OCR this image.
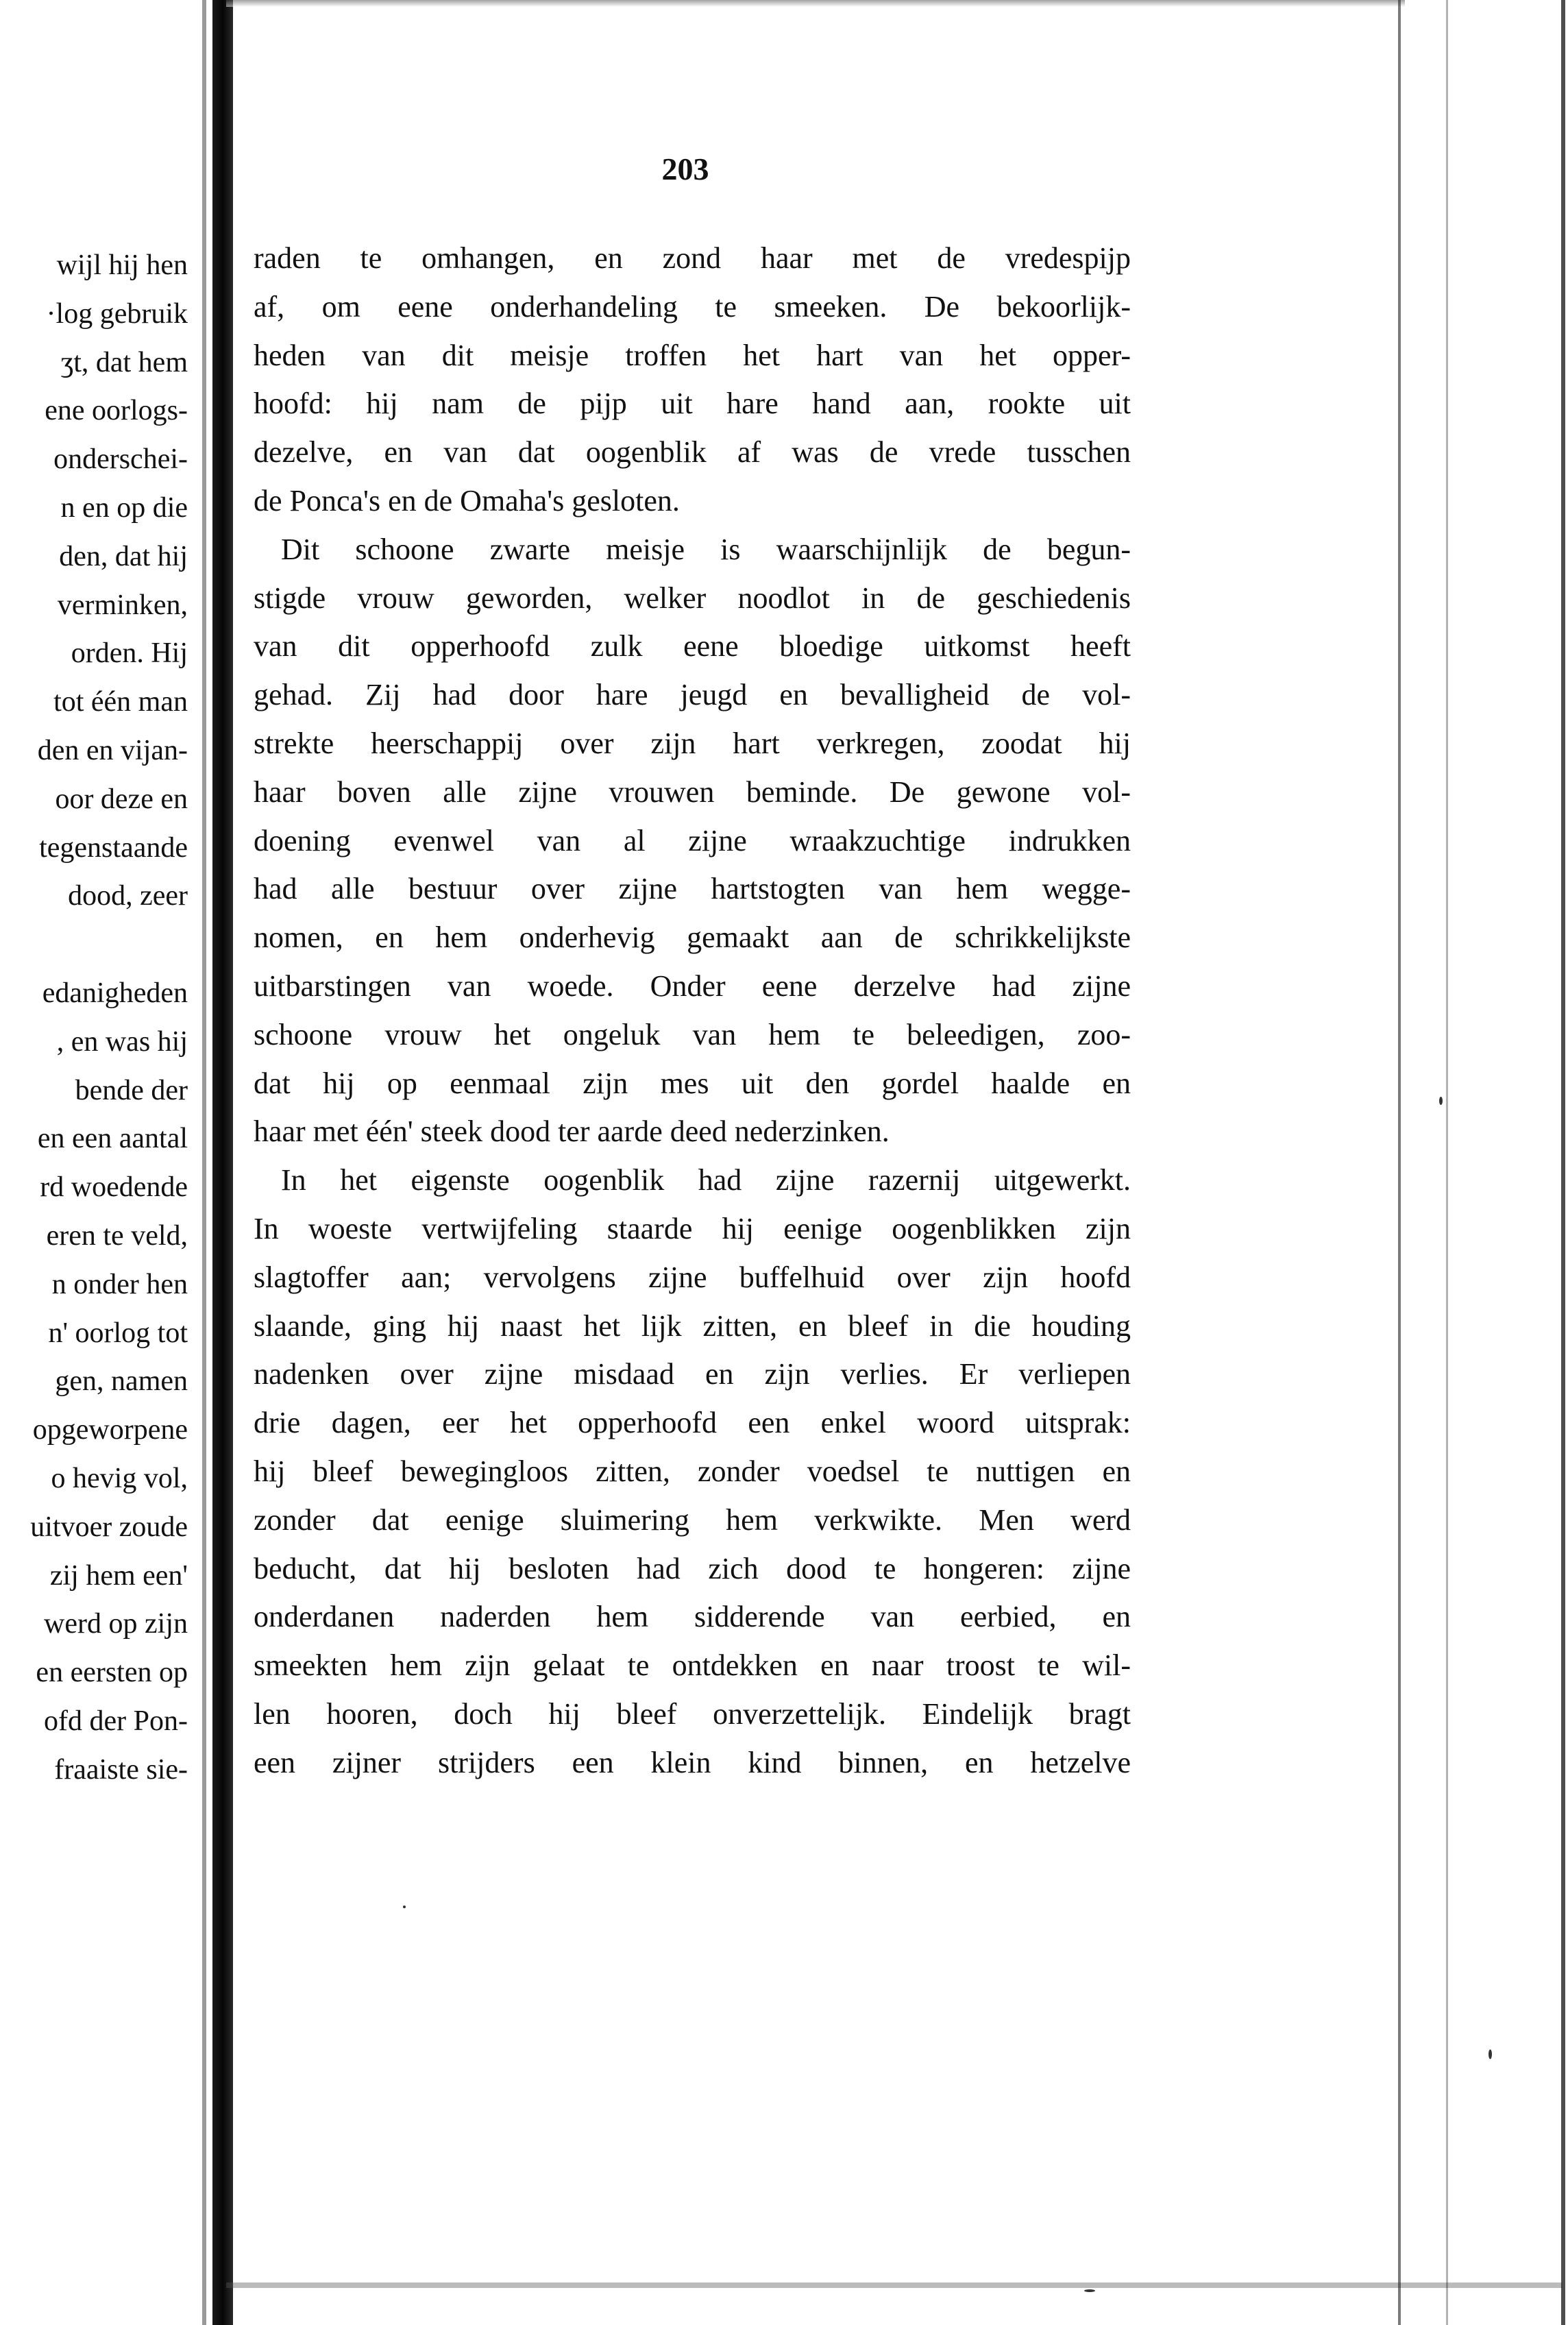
wijl hij hen
·log gebruik
ʒt, dat hem
ene oorlogs-
onderschei-
n en op die
den, dat hij
verminken,
orden. Hij
tot één man
den en vijan-
oor deze en
tegenstaande
dood, zeer
edanigheden
, en was hij
bende der
en een aantal
rd woedende
eren te veld,
n onder hen
n' oorlog tot
gen, namen
opgeworpene
o hevig vol,
uitvoer zoude
zij hem een'
werd op zijn
en eersten op
ofd der Pon-
fraaiste sie-
203
raden te omhangen, en zond haar met de vredespijp
af, om eene onderhandeling te smeeken. De bekoorlijk-
heden van dit meisje troffen het hart van het opper-
hoofd: hij nam de pijp uit hare hand aan, rookte uit
dezelve, en van dat oogenblik af was de vrede tusschen
de Ponca's en de Omaha's gesloten.
Dit schoone zwarte meisje is waarschijnlijk de begun-
stigde vrouw geworden, welker noodlot in de geschiedenis
van dit opperhoofd zulk eene bloedige uitkomst heeft
gehad. Zij had door hare jeugd en bevalligheid de vol-
strekte heerschappij over zijn hart verkregen, zoodat hij
haar boven alle zijne vrouwen beminde. De gewone vol-
doening evenwel van al zijne wraakzuchtige indrukken
had alle bestuur over zijne hartstogten van hem wegge-
nomen, en hem onderhevig gemaakt aan de schrikkelijkste
uitbarstingen van woede. Onder eene derzelve had zijne
schoone vrouw het ongeluk van hem te beleedigen, zoo-
dat hij op eenmaal zijn mes uit den gordel haalde en
haar met één' steek dood ter aarde deed nederzinken.
In het eigenste oogenblik had zijne razernij uitgewerkt.
In woeste vertwijfeling staarde hij eenige oogenblikken zijn
slagtoffer aan; vervolgens zijne buffelhuid over zijn hoofd
slaande, ging hij naast het lijk zitten, en bleef in die houding
nadenken over zijne misdaad en zijn verlies. Er verliepen
drie dagen, eer het opperhoofd een enkel woord uitsprak:
hij bleef bewegingloos zitten, zonder voedsel te nuttigen en
zonder dat eenige sluimering hem verkwikte. Men werd
beducht, dat hij besloten had zich dood te hongeren: zijne
onderdanen naderden hem sidderende van eerbied, en
smeekten hem zijn gelaat te ontdekken en naar troost te wil-
len hooren, doch hij bleef onverzettelijk. Eindelijk bragt
een zijner strijders een klein kind binnen, en hetzelve
